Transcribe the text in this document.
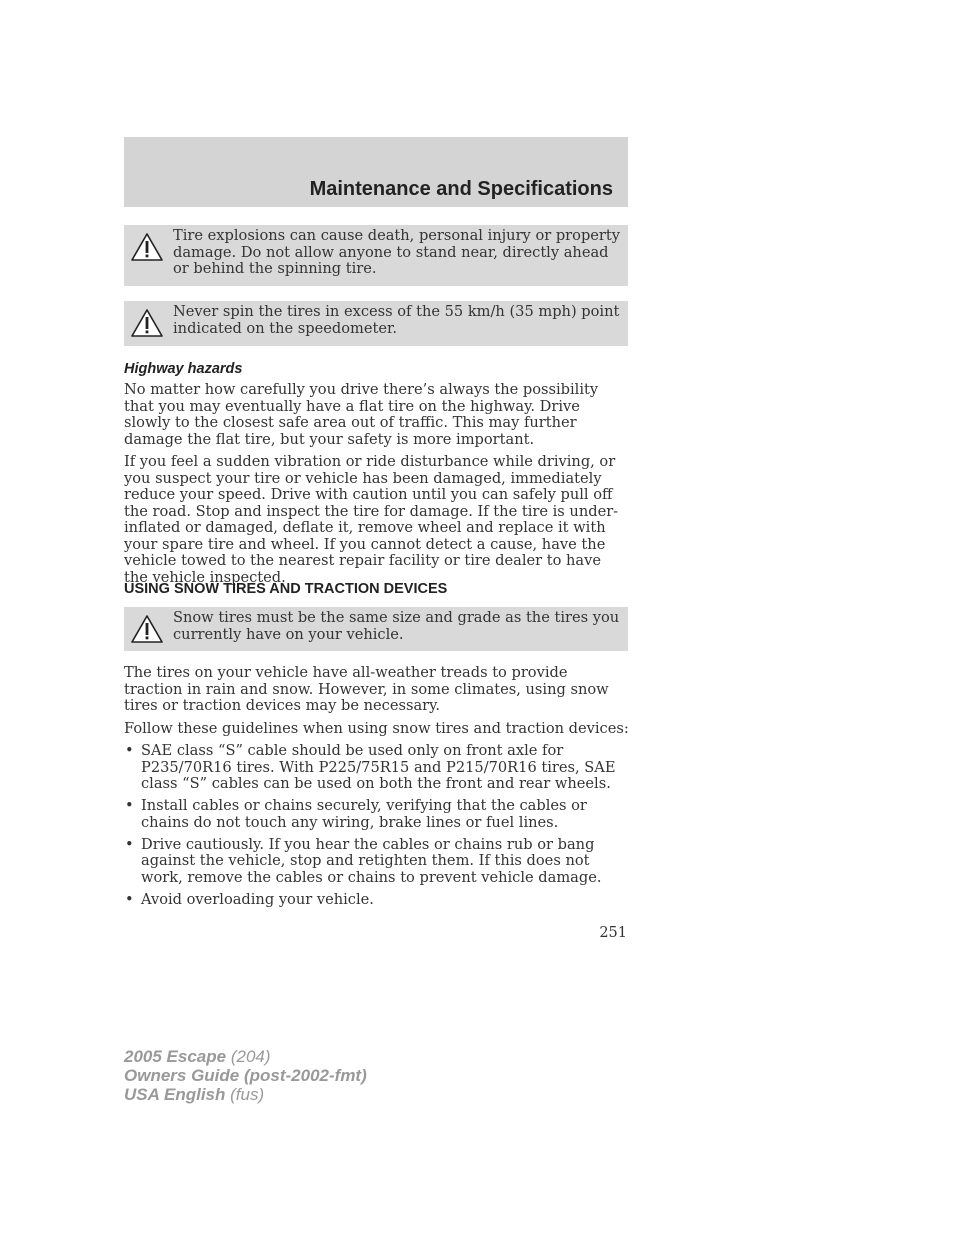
Maintenance and Specifications
Tire explosions can cause death, personal injury or property damage. Do not allow anyone to stand near, directly ahead or behind the spinning tire.
Never spin the tires in excess of the 55 km/h (35 mph) point indicated on the speedometer.
Highway hazards

No matter how carefully you drive there’s always the possibility that you may eventually have a flat tire on the highway. Drive slowly to the closest safe area out of traffic. This may further damage the flat tire, but your safety is more important.

If you feel a sudden vibration or ride disturbance while driving, or you suspect your tire or vehicle has been damaged, immediately reduce your speed. Drive with caution until you can safely pull off the road. Stop and inspect the tire for damage. If the tire is under-inflated or damaged, deflate it, remove wheel and replace it with your spare tire and wheel. If you cannot detect a cause, have the vehicle towed to the nearest repair facility or tire dealer to have the vehicle inspected.

USING SNOW TIRES AND TRACTION DEVICES
Snow tires must be the same size and grade as the tires you currently have on your vehicle.

The tires on your vehicle have all-weather treads to provide traction in rain and snow. However, in some climates, using snow tires or traction devices may be necessary.

Follow these guidelines when using snow tires and traction devices:

• SAE class “S” cable should be used only on front axle for P235/70R16 tires. With P225/75R15 and P215/70R16 tires, SAE class “S” cables can be used on both the front and rear wheels.
• Install cables or chains securely, verifying that the cables or chains do not touch any wiring, brake lines or fuel lines.
• Drive cautiously. If you hear the cables or chains rub or bang against the vehicle, stop and retighten them. If this does not work, remove the cables or chains to prevent vehicle damage.
• Avoid overloading your vehicle.
251
2005 Escape (204)
Owners Guide (post-2002-fmt)
USA English (fus)
